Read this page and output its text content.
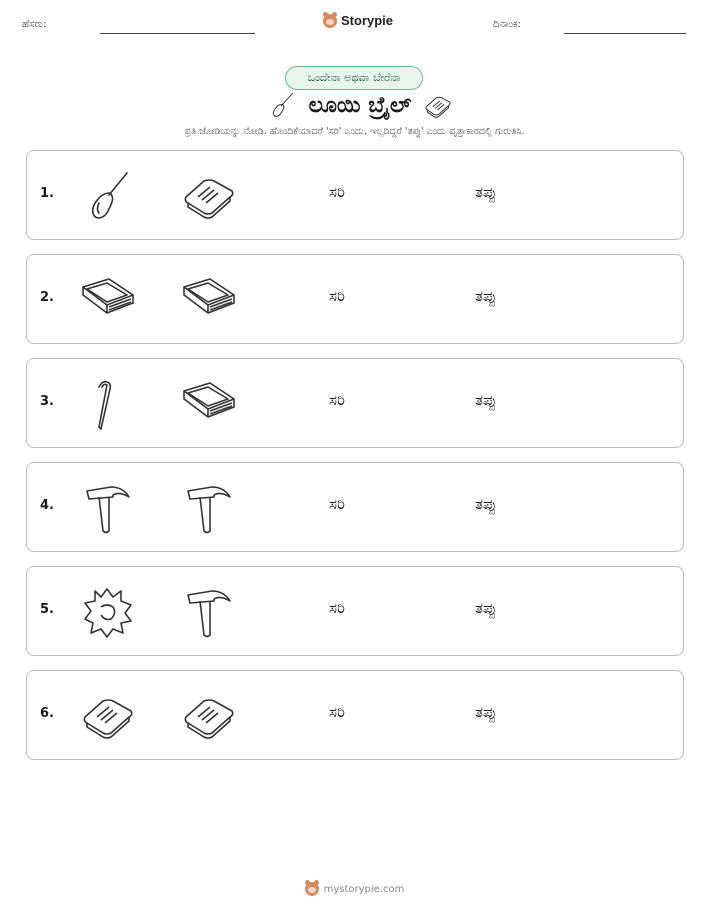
ಹೆಸರು:	Storypie	ದಿನಾಂಕ:
ಒಂದೇನಾ ಅಥವಾ ಬೇರೆನಾ
ಲೂಯಿ ಬ್ರೈಲ್
ಪ್ರತಿ ಜೋಡಿಯನ್ನು ನೋಡಿ. ಹೊಂದಿಕೆಯಾದರೆ 'ಸರಿ' ಎಂದು, ಇಲ್ಲದಿದ್ದರೆ 'ತಪ್ಪು' ಎಂದು ವೃತ್ತಾಕಾರದಲ್ಲಿ ಗುರುತಿಸಿ.
1.	ಸರಿ	ತಪ್ಪು
2.	ಸರಿ	ತಪ್ಪು
3.	ಸರಿ	ತಪ್ಪು
4.	ಸರಿ	ತಪ್ಪು
5.	ಸರಿ	ತಪ್ಪು
6.	ಸರಿ	ತಪ್ಪು
mystorypie.com
